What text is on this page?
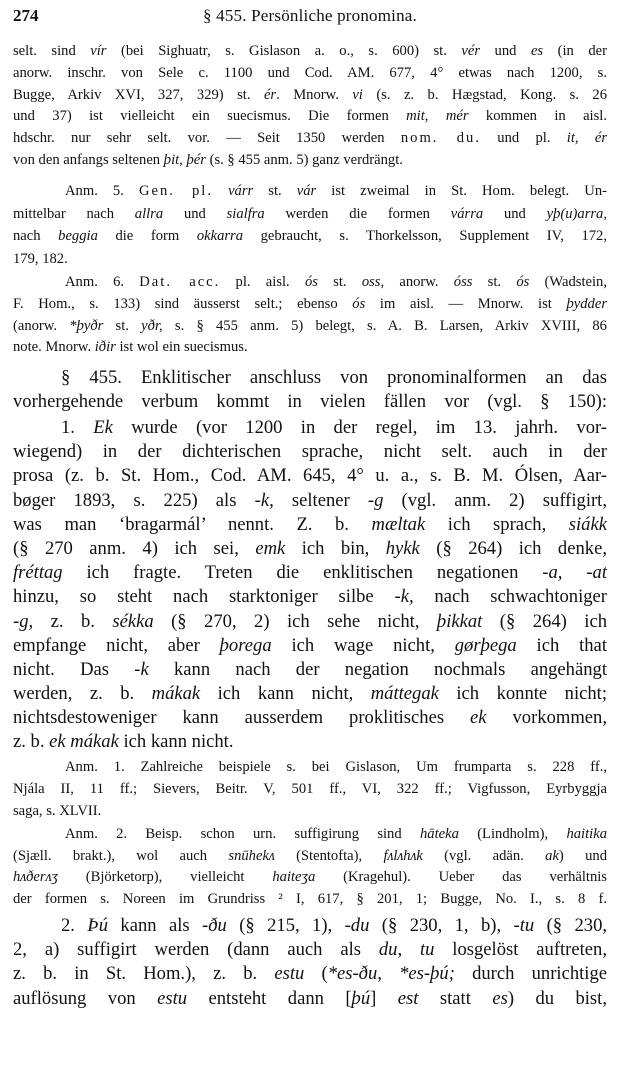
274	§ 455. Persönliche pronomina.
selt. sind vír (bei Sighuatr, s. Gislason a. o., s. 600) st. vér und es (in der
anorw. inschr. von Sele c. 1100 und Cod. AM. 677, 4° etwas nach 1200, s.
Bugge, Arkiv XVI, 327, 329) st. ér. Mnorw. vi (s. z. b. Hægstad, Kong. s. 26
und 37) ist vielleicht ein suecismus. Die formen mit, mér kommen in aisl.
hdschr. nur sehr selt. vor. — Seit 1350 werden nom. du. und pl. it, ér
von den anfangs seltenen þit, þér (s. § 455 anm. 5) ganz verdrängt.
Anm. 5. Gen. pl. várr st. vár ist zweimal in St. Hom. belegt. Un-
mittelbar nach allra und sialfra werden die formen várra und yþ(u)arra,
nach beggia die form okkarra gebraucht, s. Thorkelsson, Supplement IV, 172,
179, 182.
Anm. 6. Dat. acc. pl. aisl. ós st. oss, anorw. óss st. ós (Wadstein,
F. Hom., s. 133) sind äusserst selt.; ebenso ós im aisl. — Mnorw. ist þydder
(anorw. *þyðr st. yðr, s. § 455 anm. 5) belegt, s. A. B. Larsen, Arkiv XVIII, 86
note. Mnorw. iðir ist wol ein suecismus.
§ 455. Enklitischer anschluss von pronominalformen an das
vorhergehende verbum kommt in vielen fällen vor (vgl. § 150):
1. Ek wurde (vor 1200 in der regel, im 13. jahrh. vor-
wiegend) in der dichterischen sprache, nicht selt. auch in der
prosa (z. b. St. Hom., Cod. AM. 645, 4° u. a., s. B. M. Ólsen, Aar-
bøger 1893, s. 225) als -k, seltener -g (vgl. anm. 2) suffigirt,
was man ‘bragarmál’ nennt. Z. b. mæltak ich sprach, siákk
(§ 270 anm. 4) ich sei, emk ich bin, hykk (§ 264) ich denke,
fréttag ich fragte. Treten die enklitischen negationen -a, -at
hinzu, so steht nach starktoniger silbe -k, nach schwachtoniger
-g, z. b. sékka (§ 270, 2) ich sehe nicht, þikkat (§ 264) ich
empfange nicht, aber þorega ich wage nicht, gørþega ich that
nicht. Das -k kann nach der negation nochmals angehängt
werden, z. b. mákak ich kann nicht, máttegak ich konnte nicht;
nichtsdestoweniger kann ausserdem proklitisches ek vorkommen,
z. b. ek mákak ich kann nicht.
Anm. 1. Zahlreiche beispiele s. bei Gislason, Um frumparta s. 228 ff.,
Njála II, 11 ff.; Sievers, Beitr. V, 501 ff., VI, 322 ff.; Vigfusson, Eyrbyggja
saga, s. XLVII.
Anm. 2. Beisp. schon urn. suffigirung sind hāteka (Lindholm), haitika
(Sjæll. brakt.), wol auch snūhekᴧ (Stentofta), fᴧlᴧhᴧk (vgl. adän. ak) und
hᴧðerᴧʒ (Björketorp), vielleicht haiteʒa (Kragehul). Ueber das verhältnis
der formen s. Noreen im Grundriss ² I, 617, § 201, 1; Bugge, No. I., s. 8 f.
2. Þú kann als -ðu (§ 215, 1), -du (§ 230, 1, b), -tu (§ 230,
2, a) suffigirt werden (dann auch als du, tu losgelöst auftreten,
z. b. in St. Hom.), z. b. estu (*es-ðu, *es-þú; durch unrichtige
auflösung von estu entsteht dann [þú] est statt es) du bist,
